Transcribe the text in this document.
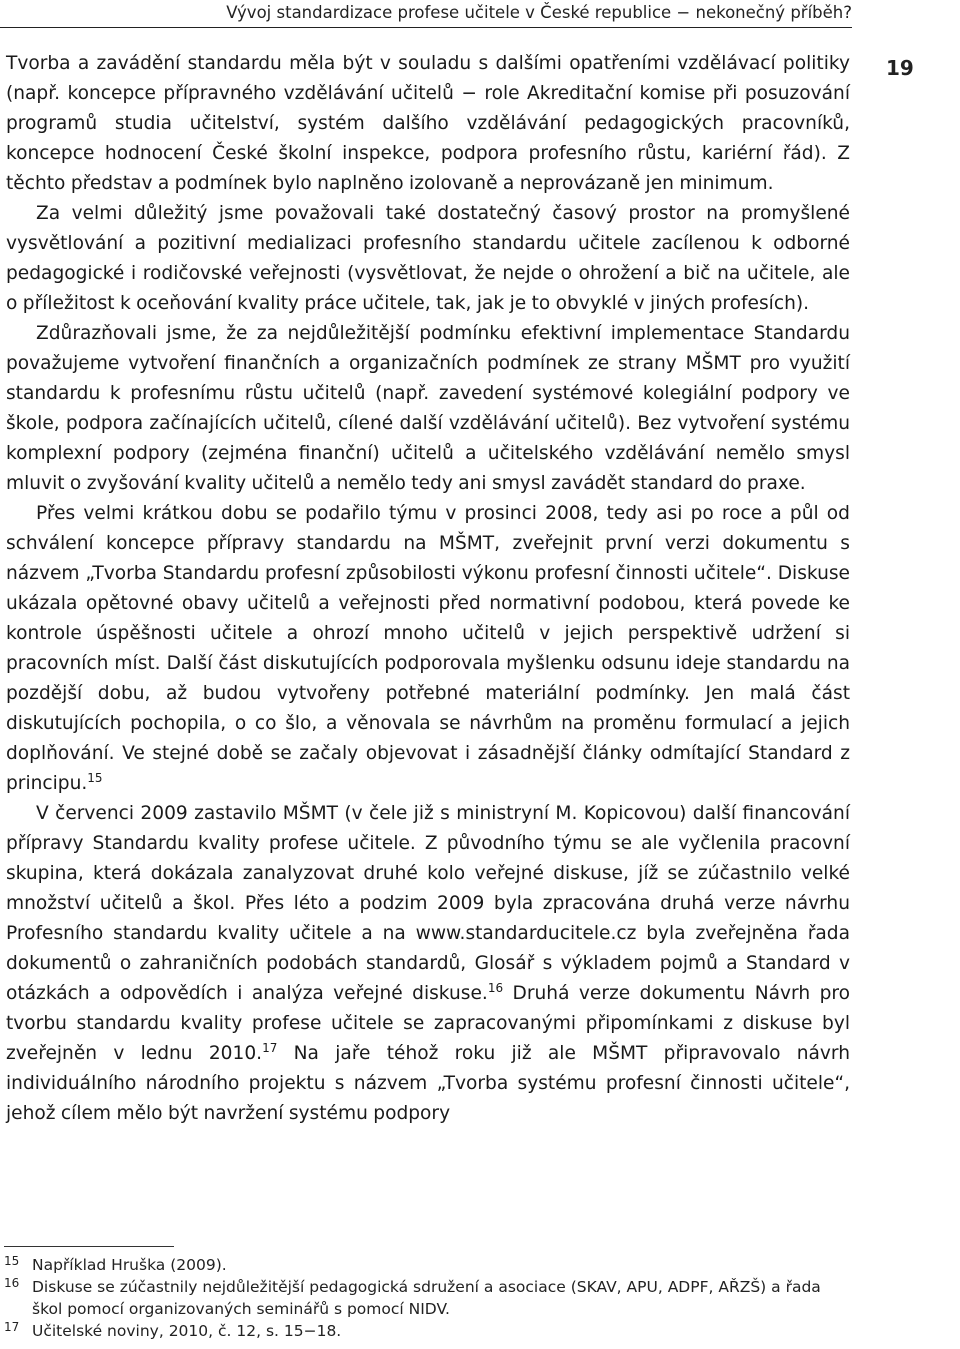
Vývoj standardizace profese učitele v České republice − nekonečný příběh?
19

Tvorba a zavádění standardu měla být v souladu s dalšími opatřeními vzdělávací politiky (např. koncepce přípravného vzdělávání učitelů − role Akreditační komise při posuzování programů studia učitelství, systém dalšího vzdělávání pedagogických pracovníků, koncepce hodnocení České školní inspekce, podpora profesního růstu, kariérní řád). Z těchto představ a podmínek bylo naplněno izolovaně a neprovázaně jen minimum.

Za velmi důležitý jsme považovali také dostatečný časový prostor na promyšlené vysvětlování a pozitivní medializaci profesního standardu učitele zacílenou k odborné pedagogické i rodičovské veřejnosti (vysvětlovat, že nejde o ohrožení a bič na učitele, ale o příležitost k oceňování kvality práce učitele, tak, jak je to obvyklé v jiných profesích).

Zdůrazňovali jsme, že za nejdůležitější podmínku efektivní implementace Standardu považujeme vytvoření finančních a organizačních podmínek ze strany MŠMT pro využití standardu k profesnímu růstu učitelů (např. zavedení systémové kolegiální podpory ve škole, podpora začínajících učitelů, cílené další vzdělávání učitelů). Bez vytvoření systému komplexní podpory (zejména finanční) učitelů a učitelského vzdělávání nemělo smysl mluvit o zvyšování kvality učitelů a nemělo tedy ani smysl zavádět standard do praxe.

Přes velmi krátkou dobu se podařilo týmu v prosinci 2008, tedy asi po roce a půl od schválení koncepce přípravy standardu na MŠMT, zveřejnit první verzi dokumentu s názvem „Tvorba Standardu profesní způsobilosti výkonu profesní činnosti učitele“. Diskuse ukázala opětovné obavy učitelů a veřejnosti před normativní podobou, která povede ke kontrole úspěšnosti učitele a ohrozí mnoho učitelů v jejich perspektivě udržení si pracovních míst. Další část diskutujících podporovala myšlenku odsunu ideje standardu na pozdější dobu, až budou vytvořeny potřebné materiální podmínky. Jen malá část diskutujících pochopila, o co šlo, a věnovala se návrhům na proměnu formulací a jejich doplňování. Ve stejné době se začaly objevovat i zásadnější články odmítající Standard z principu.$^{15}$

V červenci 2009 zastavilo MŠMT (v čele již s ministryní M. Kopicovou) další financování přípravy Standardu kvality profese učitele. Z původního týmu se ale vyčlenila pracovní skupina, která dokázala zanalyzovat druhé kolo veřejné diskuse, jíž se zúčastnilo velké množství učitelů a škol. Přes léto a podzim 2009 byla zpracována druhá verze návrhu Profesního standardu kvality učitele a na www.standarducitele.cz byla zveřejněna řada dokumentů o zahraničních podobách standardů, Glosář s výkladem pojmů a Standard v otázkách a odpovědích i analýza veřejné diskuse.$^{16}$ Druhá verze dokumentu Návrh pro tvorbu standardu kvality profese učitele se zapracovanými připomínkami z diskuse byl zveřejněn v lednu 2010.17 Na jaře téhož roku již ale MŠMT připravovalo návrh individuálního národního projektu s názvem „Tvorba systému profesní činnosti učitele“, jehož cílem mělo být navržení systému podpory

15 Například Hruška (2009).
16 Diskuse se zúčastnily nejdůležitější pedagogická sdružení a asociace (SKAV, APU, ADPF, AŘZŠ) a řada škol pomocí organizovaných seminářů s pomocí NIDV.
17 Učitelské noviny, 2010, č. 12, s. 15−18.
